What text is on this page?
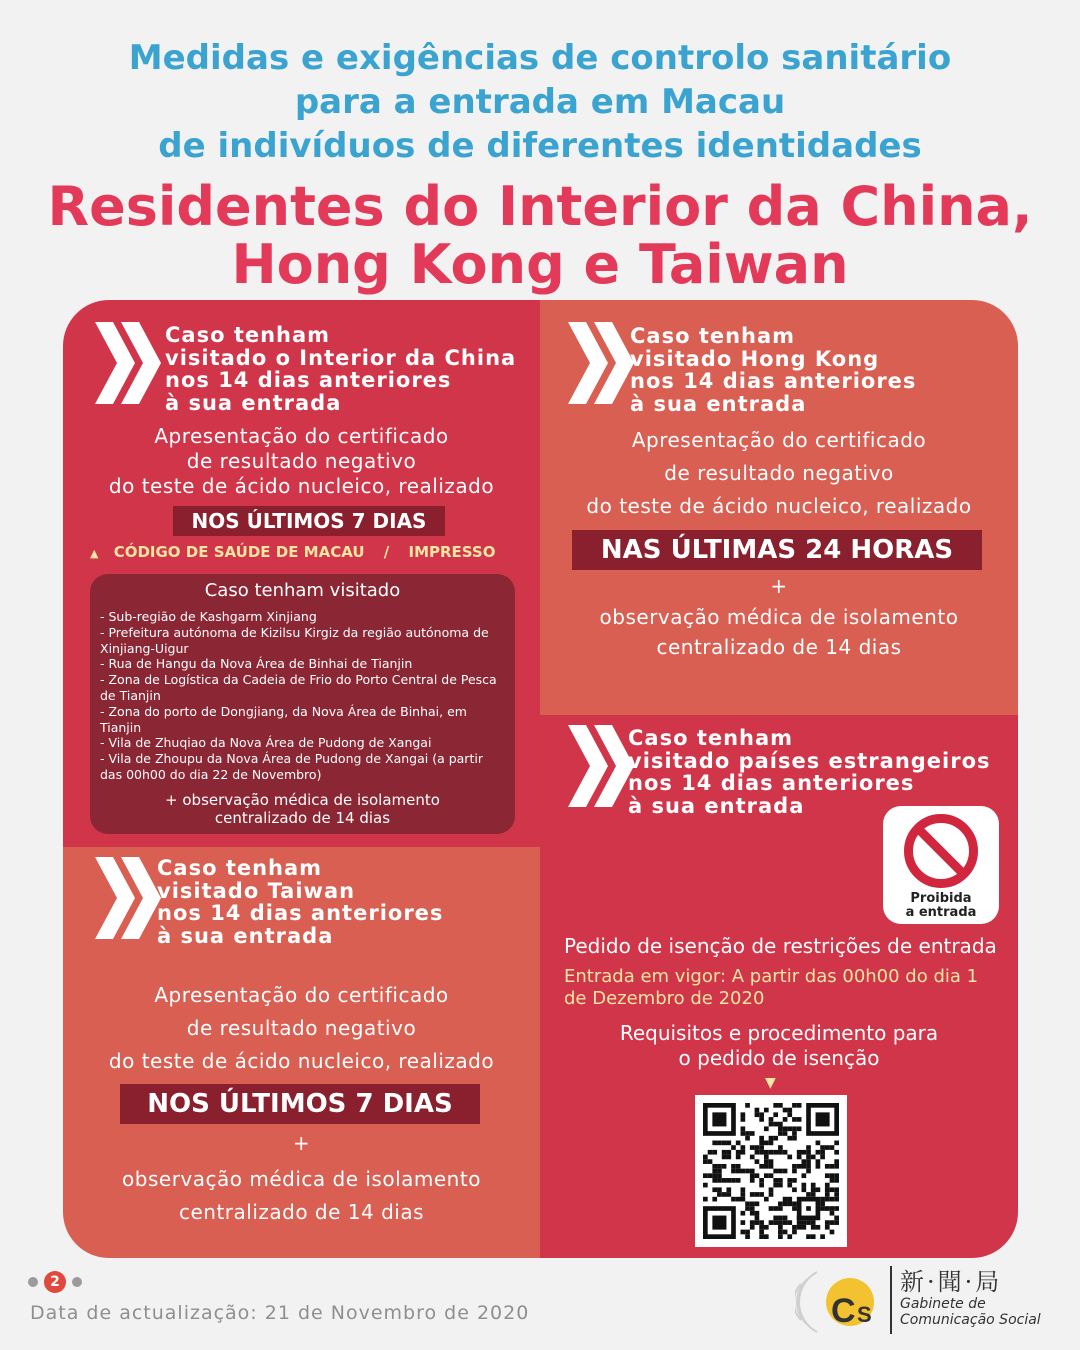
Medidas e exigências de controlo sanitário
para a entrada em Macau
de indivíduos de diferentes identidades
Residentes do Interior da China,
Hong Kong e Taiwan
Caso tenham
visitado o Interior da China
nos 14 dias anteriores
à sua entrada
Apresentação do certificado
de resultado negativo
do teste de ácido nucleico, realizado
NOS ÚLTIMOS 7 DIAS
▲ CÓDIGO DE SAÚDE DE MACAU / IMPRESSO
Caso tenham visitado
- Sub-região de Kashgarm Xinjiang
- Prefeitura autónoma de Kizilsu Kirgiz da região autónoma de Xinjiang-Uigur
- Rua de Hangu da Nova Área de Binhai de Tianjin
- Zona de Logística da Cadeia de Frio do Porto Central de Pesca de Tianjin
- Zona do porto de Dongjiang, da Nova Área de Binhai, em Tianjin
- Vila de Zhuqiao da Nova Área de Pudong de Xangai
- Vila de Zhoupu da Nova Área de Pudong de Xangai (a partir das 00h00 do dia 22 de Novembro)
+ observação médica de isolamento
centralizado de 14 dias
Caso tenham
visitado Hong Kong
nos 14 dias anteriores
à sua entrada
Apresentação do certificado
de resultado negativo
do teste de ácido nucleico, realizado
NAS ÚLTIMAS 24 HORAS
+
observação médica de isolamento
centralizado de 14 dias
Caso tenham
visitado Taiwan
nos 14 dias anteriores
à sua entrada
Apresentação do certificado
de resultado negativo
do teste de ácido nucleico, realizado
NOS ÚLTIMOS 7 DIAS
+
observação médica de isolamento
centralizado de 14 dias
Caso tenham
visitado países estrangeiros
nos 14 dias anteriores
à sua entrada
Proibida
a entrada
Pedido de isenção de restrições de entrada
Entrada em vigor: A partir das 00h00 do dia 1 de Dezembro de 2020
Requisitos e procedimento para
o pedido de isenção
▼
2
Data de actualização: 21 de Novembro de 2020	C S
新·聞·局
Gabinete de
Comunicação Social
